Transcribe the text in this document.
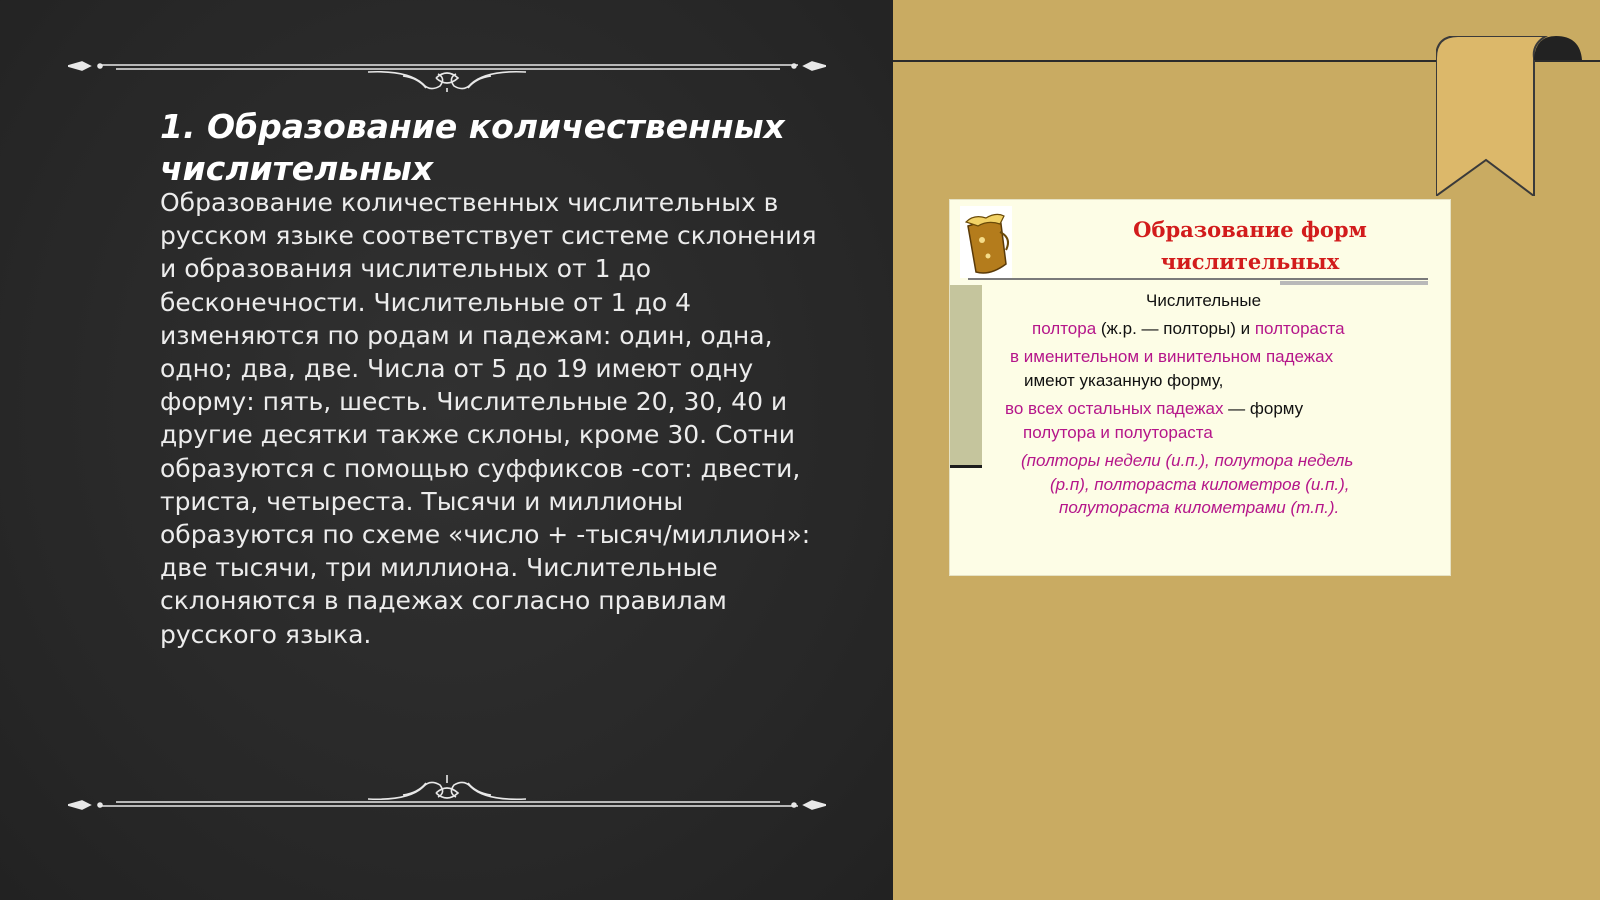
1. Образование количественных числительных

Образование количественных числительных в русском языке соответствует системе склонения и образования числительных от 1 до бесконечности. Числительные от 1 до 4 изменяются по родам и падежам: один, одна, одно; два, две. Числа от 5 до 19 имеют одну форму: пять, шесть. Числительные 20, 30, 40 и другие десятки также склоны, кроме 30. Сотни образуются с помощью суффиксов -сот: двести, триста, четыреста. Тысячи и миллионы образуются по схеме «число + -тысяч/миллион»: две тысячи, три миллиона. Числительные склоняются в падежах согласно правилам русского языка.

Образование форм
числительных

Числительные

полтора (ж.р. — полторы) и полтораста

в именительном и винительном падежах

имеют указанную форму,

во всех остальных падежах — форму

полутора и полутораста

(полторы недели (и.п.), полутора недель

(р.п), полтораста километров (и.п.),

полутораста километрами (т.п.).
